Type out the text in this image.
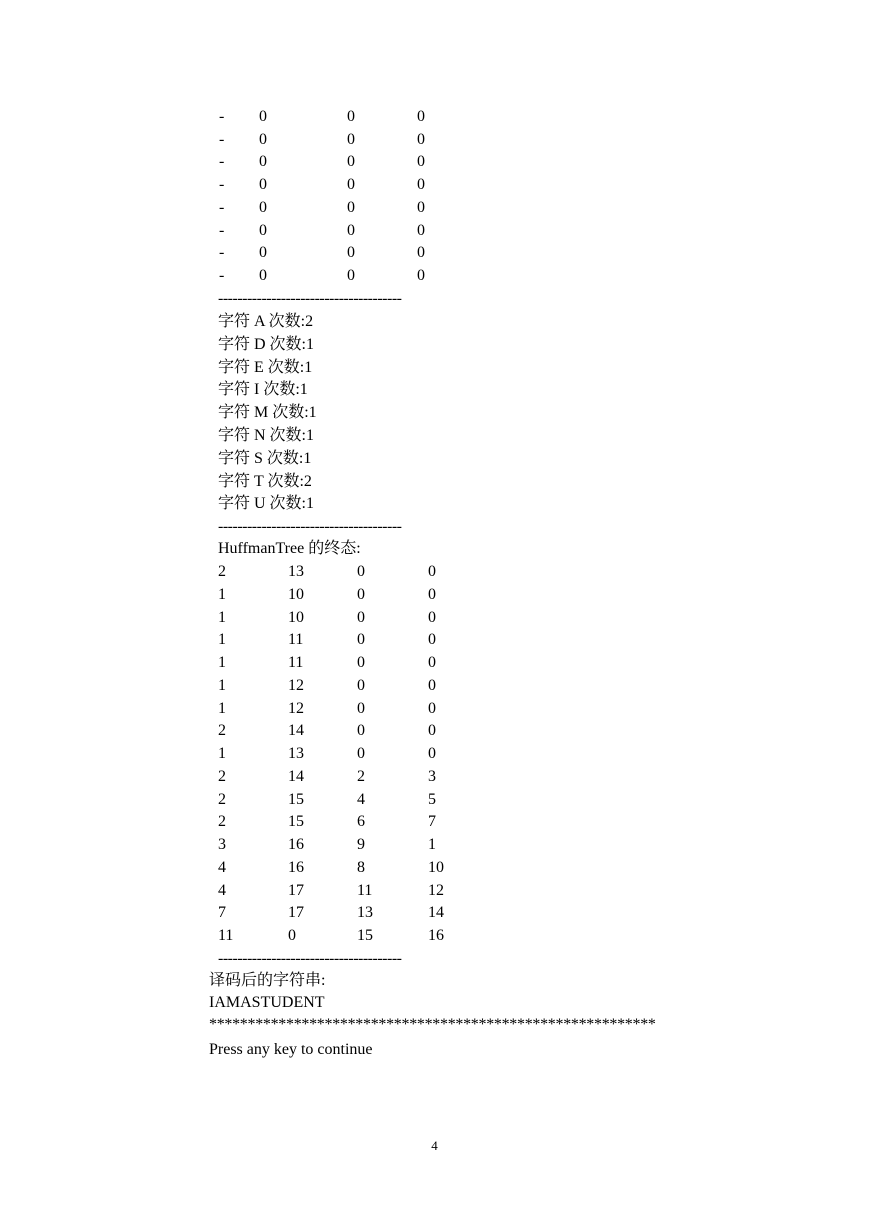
- 0	0	0
- 0	0	0
- 0	0	0
- 0	0	0
- 0	0	0
- 0	0	0
- 0	0	0
- 0	0	0
--------------------------------------
字符 A 次数:2
字符 D 次数:1
字符 E 次数:1
字符 I 次数:1
字符 M 次数:1
字符 N 次数:1
字符 S 次数:1
字符 T 次数:2
字符 U 次数:1
--------------------------------------
HuffmanTree 的终态:
2	13	0	0
1	10	0	0
1	10	0	0
1	11	0	0
1	11	0	0
1	12	0	0
1	12	0	0
2	14	0	0
1	13	0	0
2	14	2	3
2	15	4	5
2	15	6	7
3	16	9	1
4	16	8	10
4	17	11	12
7	17	13	14
11	0	15	16
--------------------------------------
译码后的字符串:
IAMASTUDENT
**********************************************************
Press any key to continue
4
